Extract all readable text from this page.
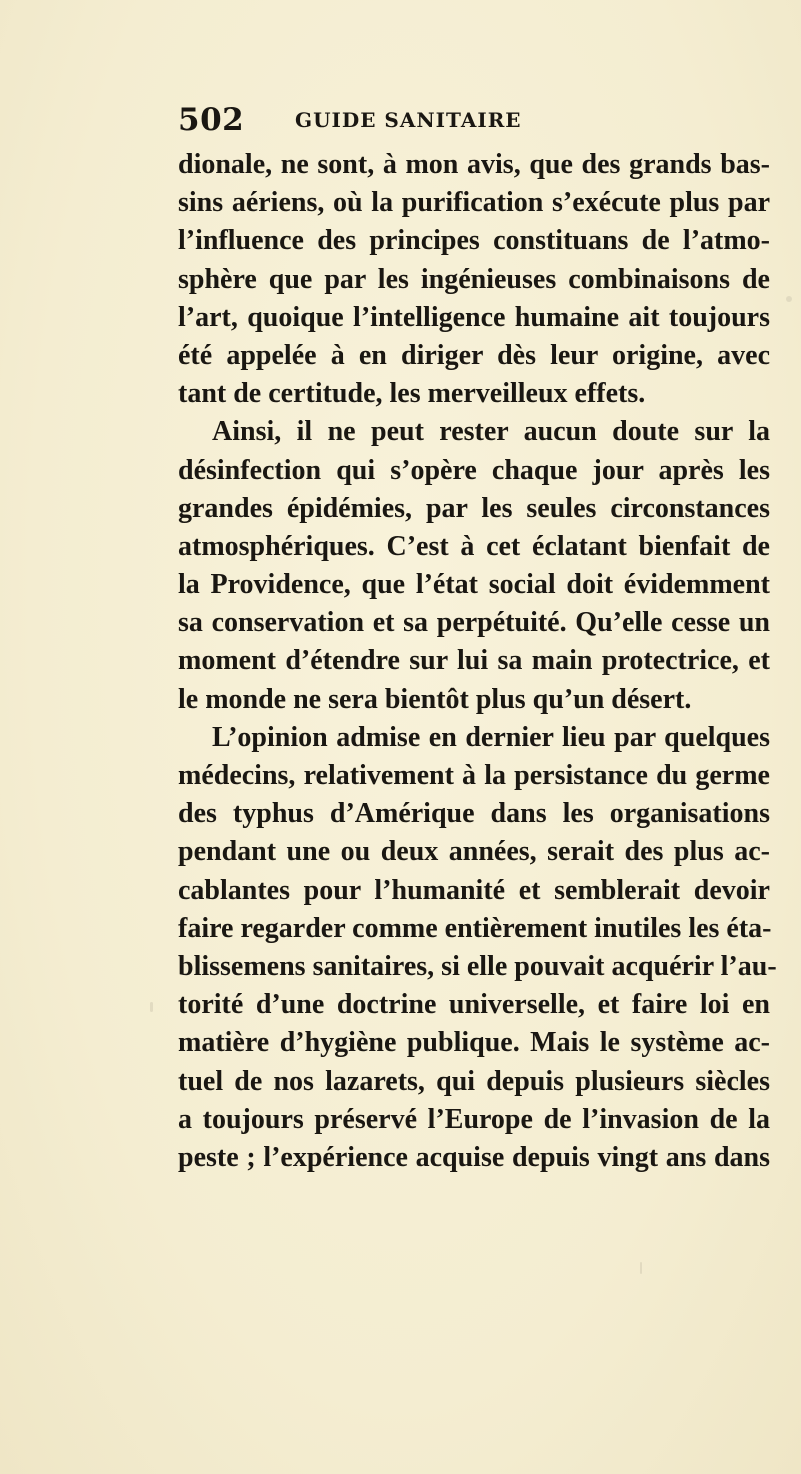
502	GUIDE SANITAIRE
dionale, ne sont, à mon avis, que des grands bas-
sins aériens, où la purification s’exécute plus par
l’influence des principes constituans de l’atmo-
sphère que par les ingénieuses combinaisons de
l’art, quoique l’intelligence humaine ait toujours
été appelée à en diriger dès leur origine, avec
tant de certitude, les merveilleux effets.
Ainsi, il ne peut rester aucun doute sur la
désinfection qui s’opère chaque jour après les
grandes épidémies, par les seules circonstances
atmosphériques. C’est à cet éclatant bienfait de
la Providence, que l’état social doit évidemment
sa conservation et sa perpétuité. Qu’elle cesse un
moment d’étendre sur lui sa main protectrice, et
le monde ne sera bientôt plus qu’un désert.
L’opinion admise en dernier lieu par quelques
médecins, relativement à la persistance du germe
des typhus d’Amérique dans les organisations
pendant une ou deux années, serait des plus ac-
cablantes pour l’humanité et semblerait devoir
faire regarder comme entièrement inutiles les éta-
blissemens sanitaires, si elle pouvait acquérir l’au-
torité d’une doctrine universelle, et faire loi en
matière d’hygiène publique. Mais le système ac-
tuel de nos lazarets, qui depuis plusieurs siècles
a toujours préservé l’Europe de l’invasion de la
peste ; l’expérience acquise depuis vingt ans dans
